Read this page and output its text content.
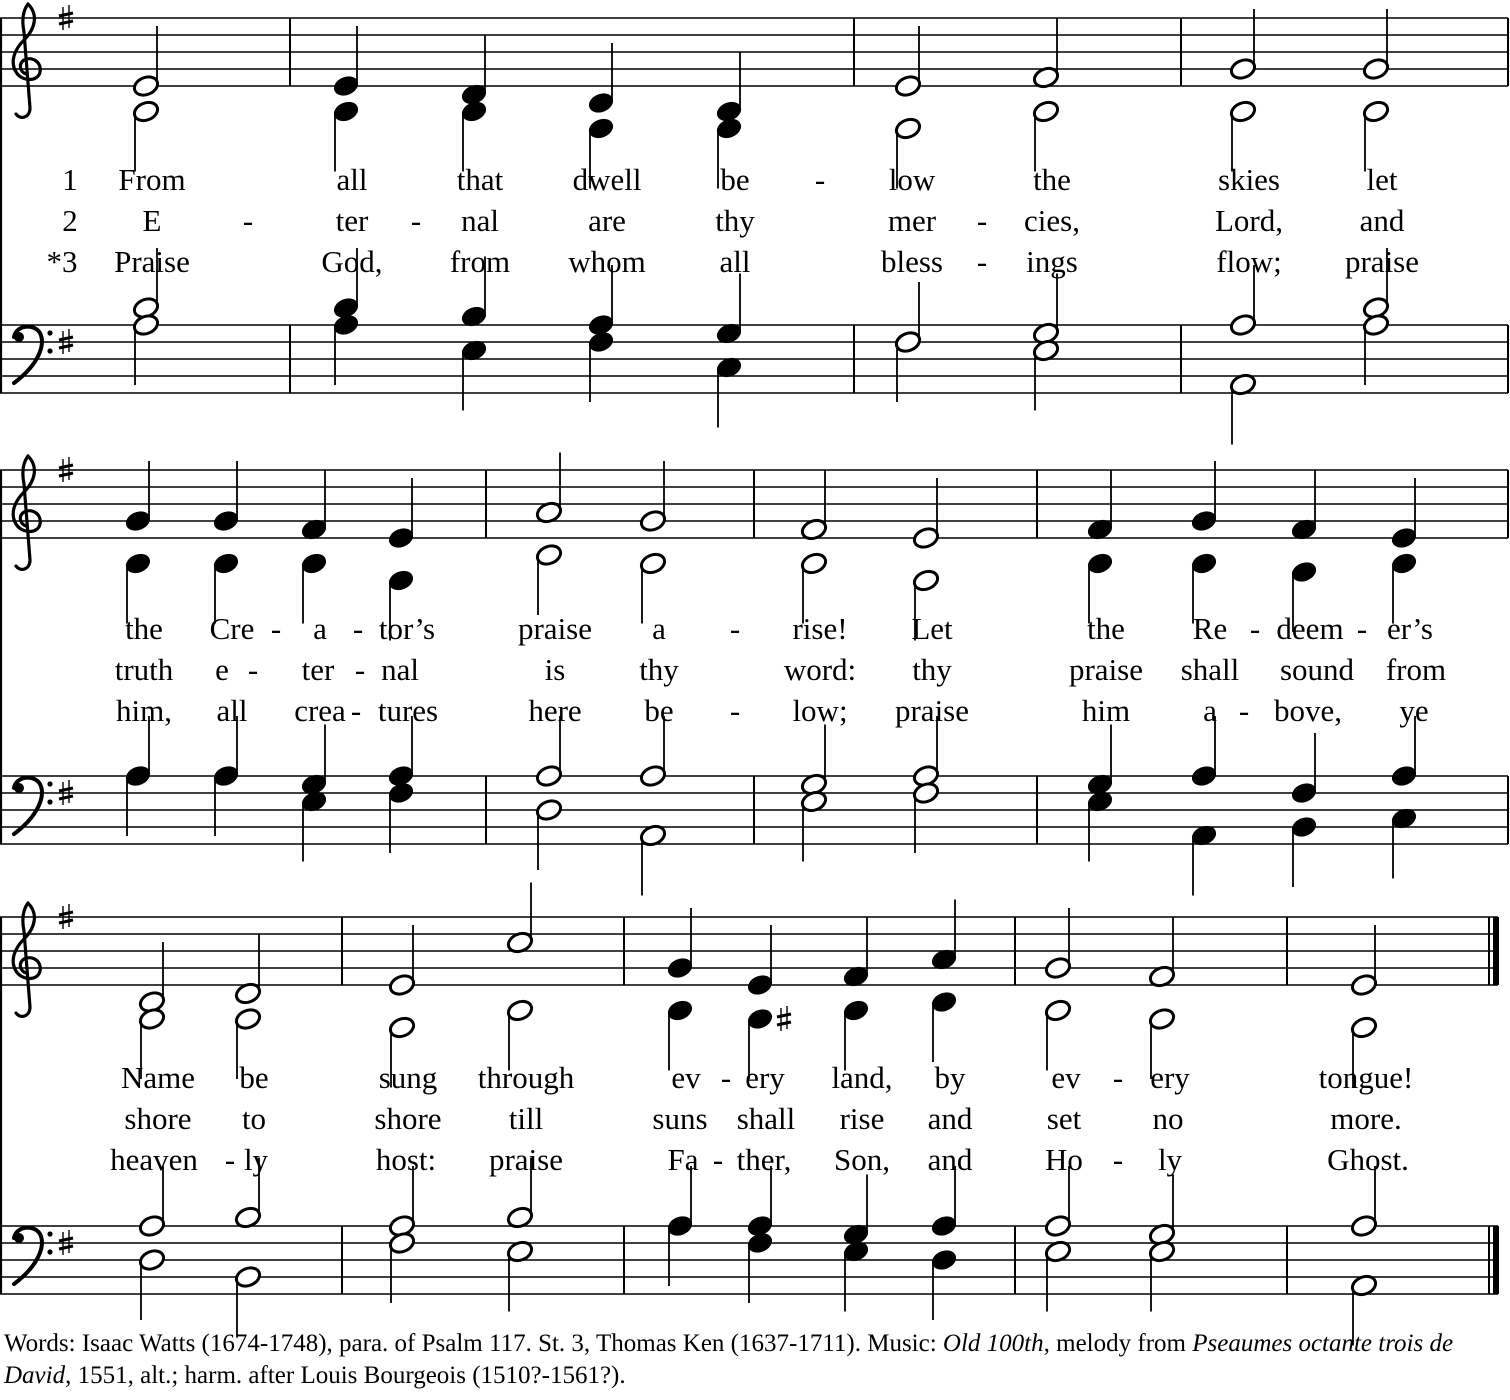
1 From	all	that dwell	be - low	the	skies	let
2 E	-	ter - nal	are	thy	mer - cies,	Lord, and
*3 Praise	God, from whom all	bless - ings	flow; praise
the Cre - a - tor’s	praise a - rise! Let	the Re - deem - er’s
truth e - ter - nal	is thy	word: thy	praise shall sound from
him, all crea - tures	here be - low; praise	him a - bove, ye
Name be	sung through	ev - ery land, by	ev - ery	tongue!
shore to	shore till	suns shall rise and set no	more.
heaven - ly	host: praise	Fa - ther, Son, and Ho - ly	Ghost.
Words: Isaac Watts (1674-1748), para. of Psalm 117. St. 3, Thomas Ken (1637-1711). Music: Old 100th, melody from Pseaumes octante trois de David, 1551, alt.; harm. after Louis Bourgeois (1510?-1561?).
